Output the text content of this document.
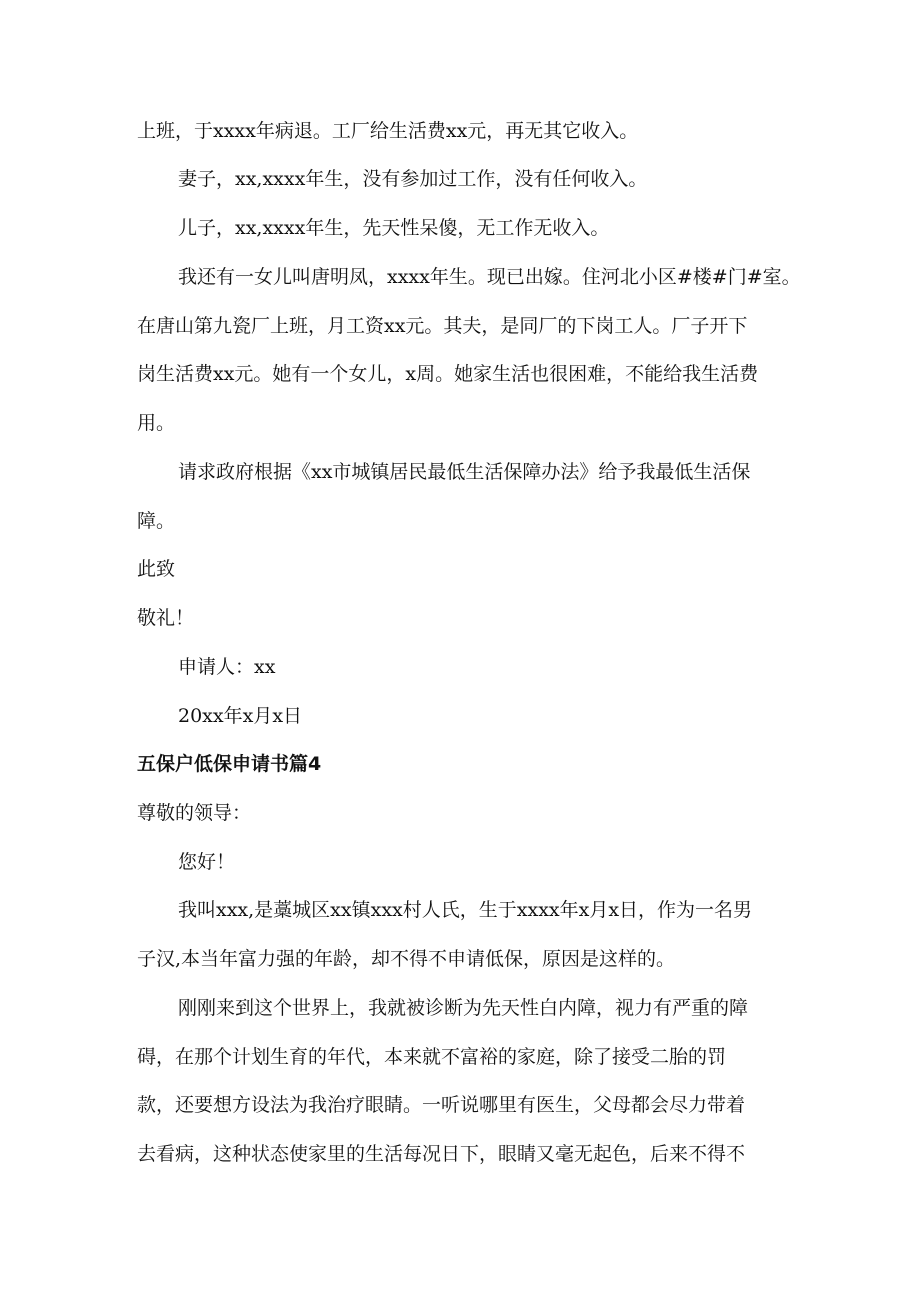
上班，于xxxx年病退。工厂给生活费xx元，再无其它收入。
妻子，xx,xxxx年生，没有参加过工作，没有任何收入。
儿子，xx,xxxx年生，先天性呆傻，无工作无收入。
我还有一女儿叫唐明凤，xxxx年生。现已出嫁。住河北小区#楼#门#室。
在唐山第九瓷厂上班，月工资xx元。其夫，是同厂的下岗工人。厂子开下
岗生活费xx元。她有一个女儿，x周。她家生活也很困难，不能给我生活费
用。
请求政府根据《xx市城镇居民最低生活保障办法》给予我最低生活保
障。
此致
敬礼！
申请人：xx
20xx年x月x日
五保户低保申请书篇4
尊敬的领导：
您好！
我叫xxx,是藁城区xx镇xxx村人氏，生于xxxx年x月x日，作为一名男
子汉,本当年富力强的年龄，却不得不申请低保，原因是这样的。
刚刚来到这个世界上，我就被诊断为先天性白内障，视力有严重的障
碍，在那个计划生育的年代，本来就不富裕的家庭，除了接受二胎的罚
款，还要想方设法为我治疗眼睛。一听说哪里有医生，父母都会尽力带着
去看病，这种状态使家里的生活每况日下，眼睛又毫无起色，后来不得不
